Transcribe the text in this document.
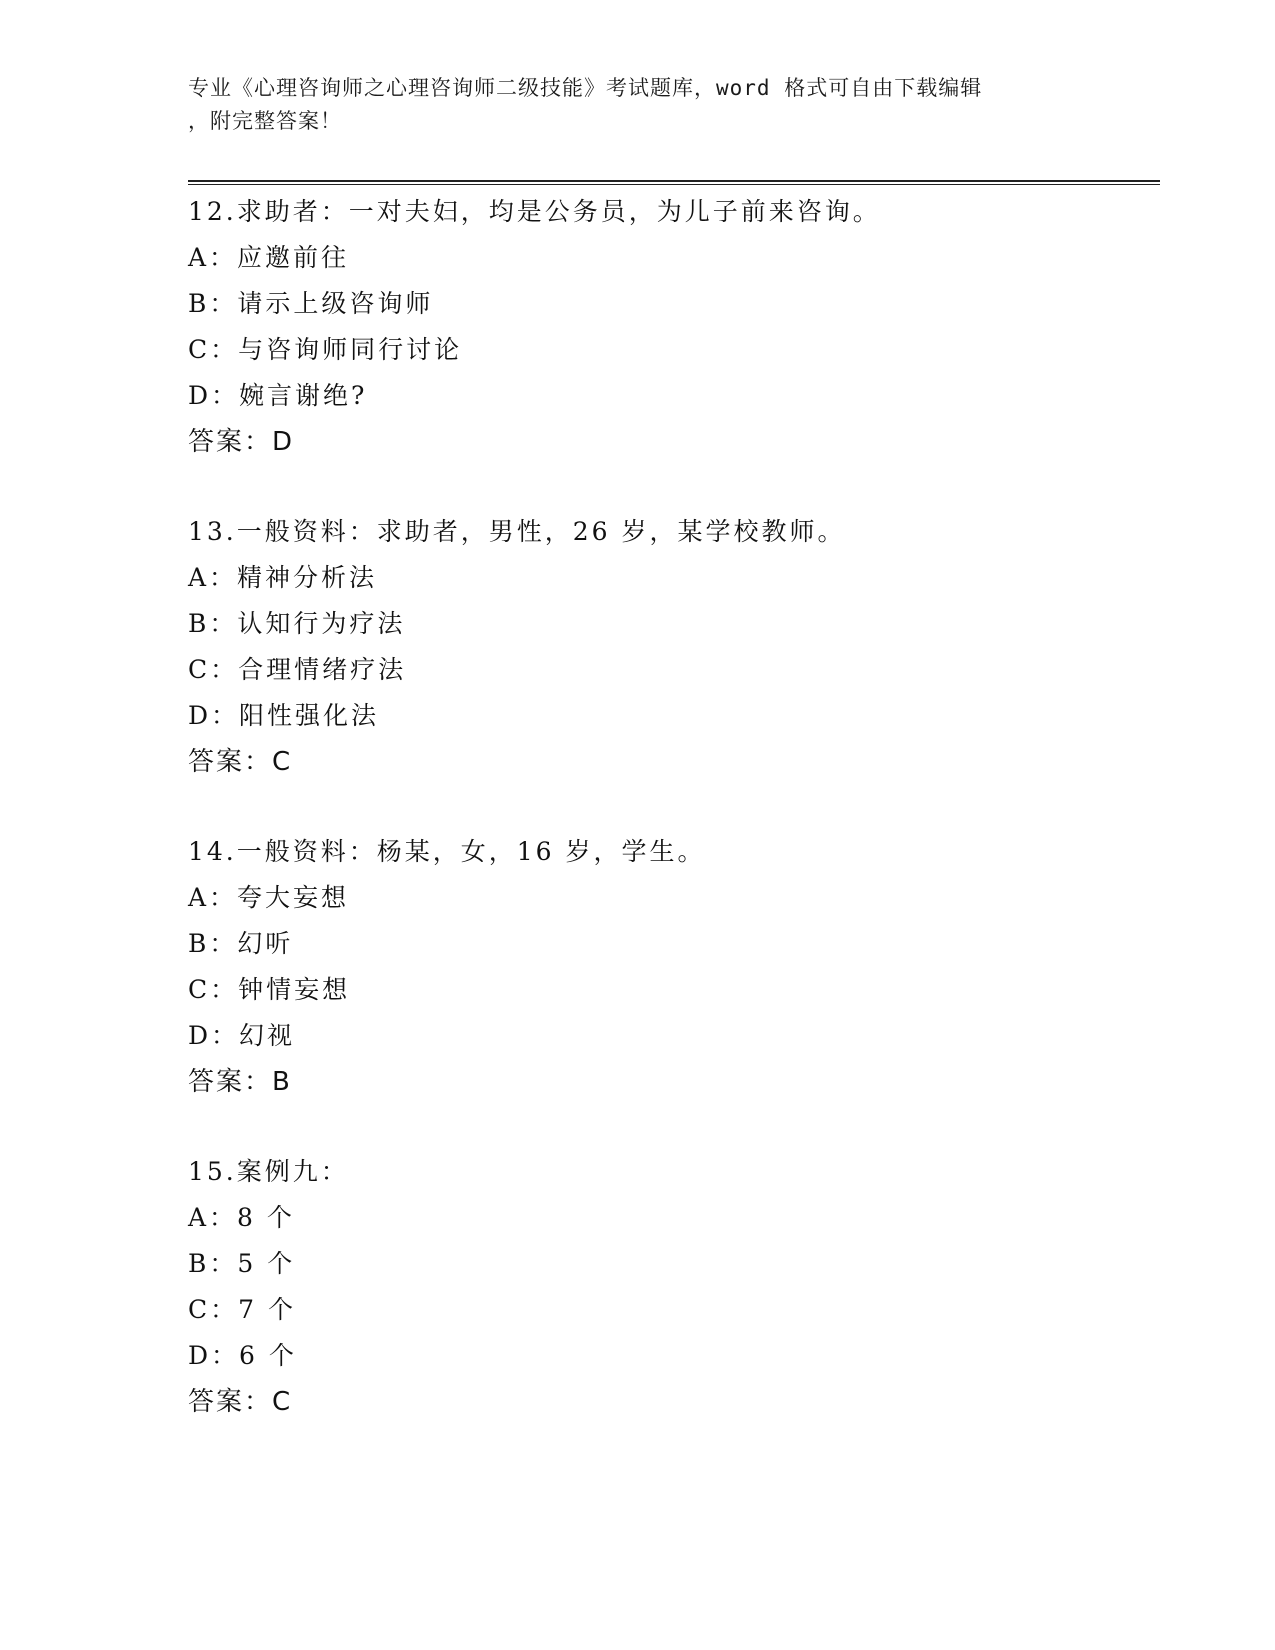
专业《心理咨询师之心理咨询师二级技能》考试题库，word 格式可自由下载编辑
，附完整答案！
12.求助者：一对夫妇，均是公务员，为儿子前来咨询。
A：应邀前往
B：请示上级咨询师
C：与咨询师同行讨论
D：婉言谢绝?
答案：D
13.一般资料：求助者，男性，26 岁，某学校教师。
A：精神分析法
B：认知行为疗法
C：合理情绪疗法
D：阳性强化法
答案：C
14.一般资料：杨某，女，16 岁，学生。
A：夸大妄想
B：幻听
C：钟情妄想
D：幻视
答案：B
15.案例九：
A：8 个
B：5 个
C：7 个
D：6 个
答案：C
